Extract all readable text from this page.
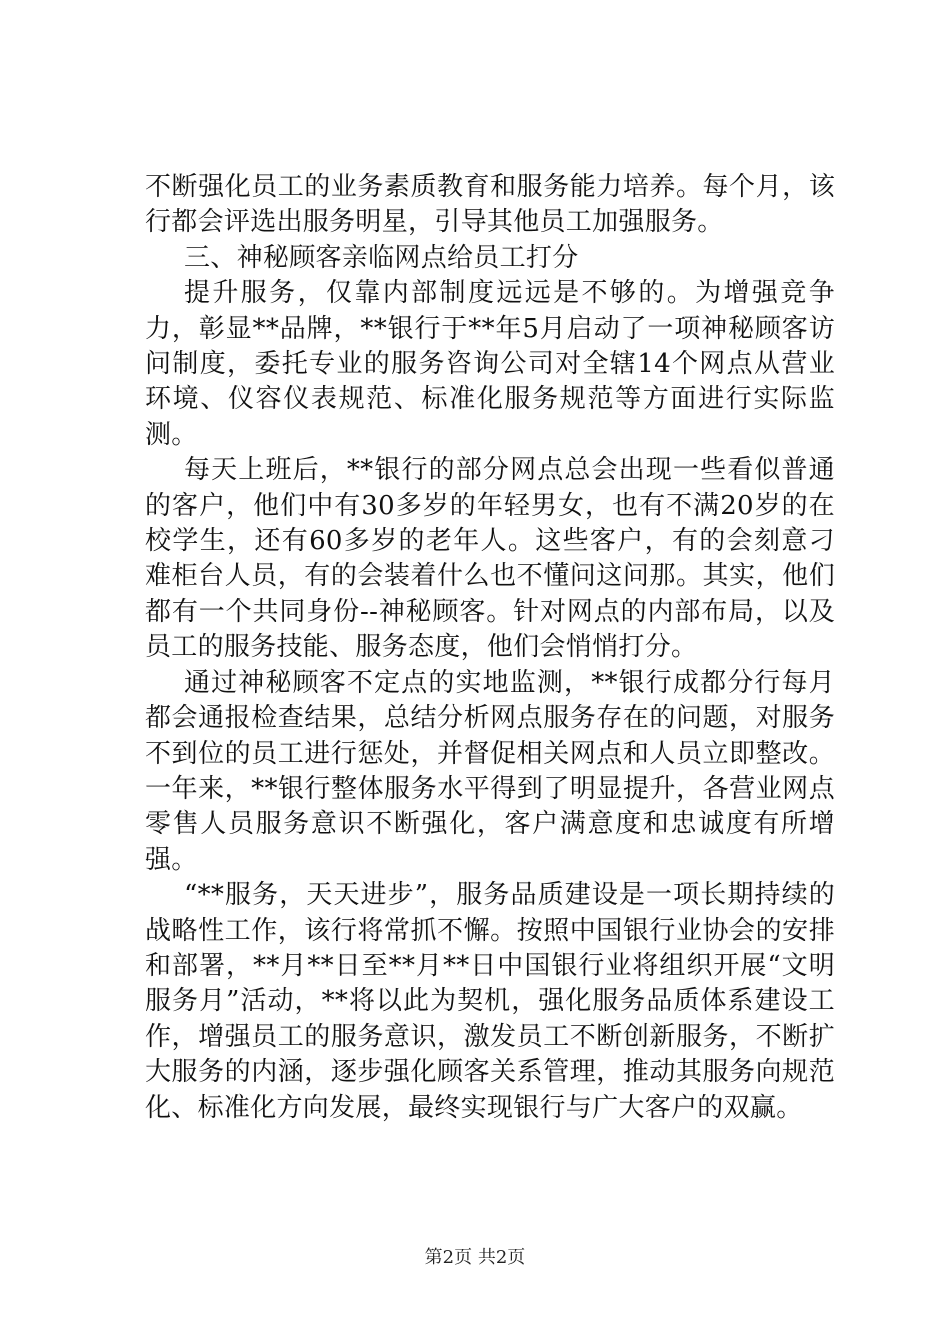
不断强化员工的业务素质教育和服务能力培养。每个月，该行都会评选出服务明星，引导其他员工加强服务。

三、神秘顾客亲临网点给员工打分

提升服务，仅靠内部制度远远是不够的。为增强竞争力，彰显**品牌，**银行于**年5月启动了一项神秘顾客访问制度，委托专业的服务咨询公司对全辖14个网点从营业环境、仪容仪表规范、标准化服务规范等方面进行实际监测。

每天上班后，**银行的部分网点总会出现一些看似普通的客户，他们中有30多岁的年轻男女，也有不满20岁的在校学生，还有60多岁的老年人。这些客户，有的会刻意刁难柜台人员，有的会装着什么也不懂问这问那。其实，他们都有一个共同身份--神秘顾客。针对网点的内部布局，以及员工的服务技能、服务态度，他们会悄悄打分。

通过神秘顾客不定点的实地监测，**银行成都分行每月都会通报检查结果，总结分析网点服务存在的问题，对服务不到位的员工进行惩处，并督促相关网点和人员立即整改。一年来，**银行整体服务水平得到了明显提升，各营业网点零售人员服务意识不断强化，客户满意度和忠诚度有所增强。

“**服务，天天进步”，服务品质建设是一项长期持续的战略性工作，该行将常抓不懈。按照中国银行业协会的安排和部署，**月**日至**月**日中国银行业将组织开展“文明服务月”活动，**将以此为契机，强化服务品质体系建设工作，增强员工的服务意识，激发员工不断创新服务，不断扩大服务的内涵，逐步强化顾客关系管理，推动其服务向规范化、标准化方向发展，最终实现银行与广大客户的双赢。

第2页 共2页
